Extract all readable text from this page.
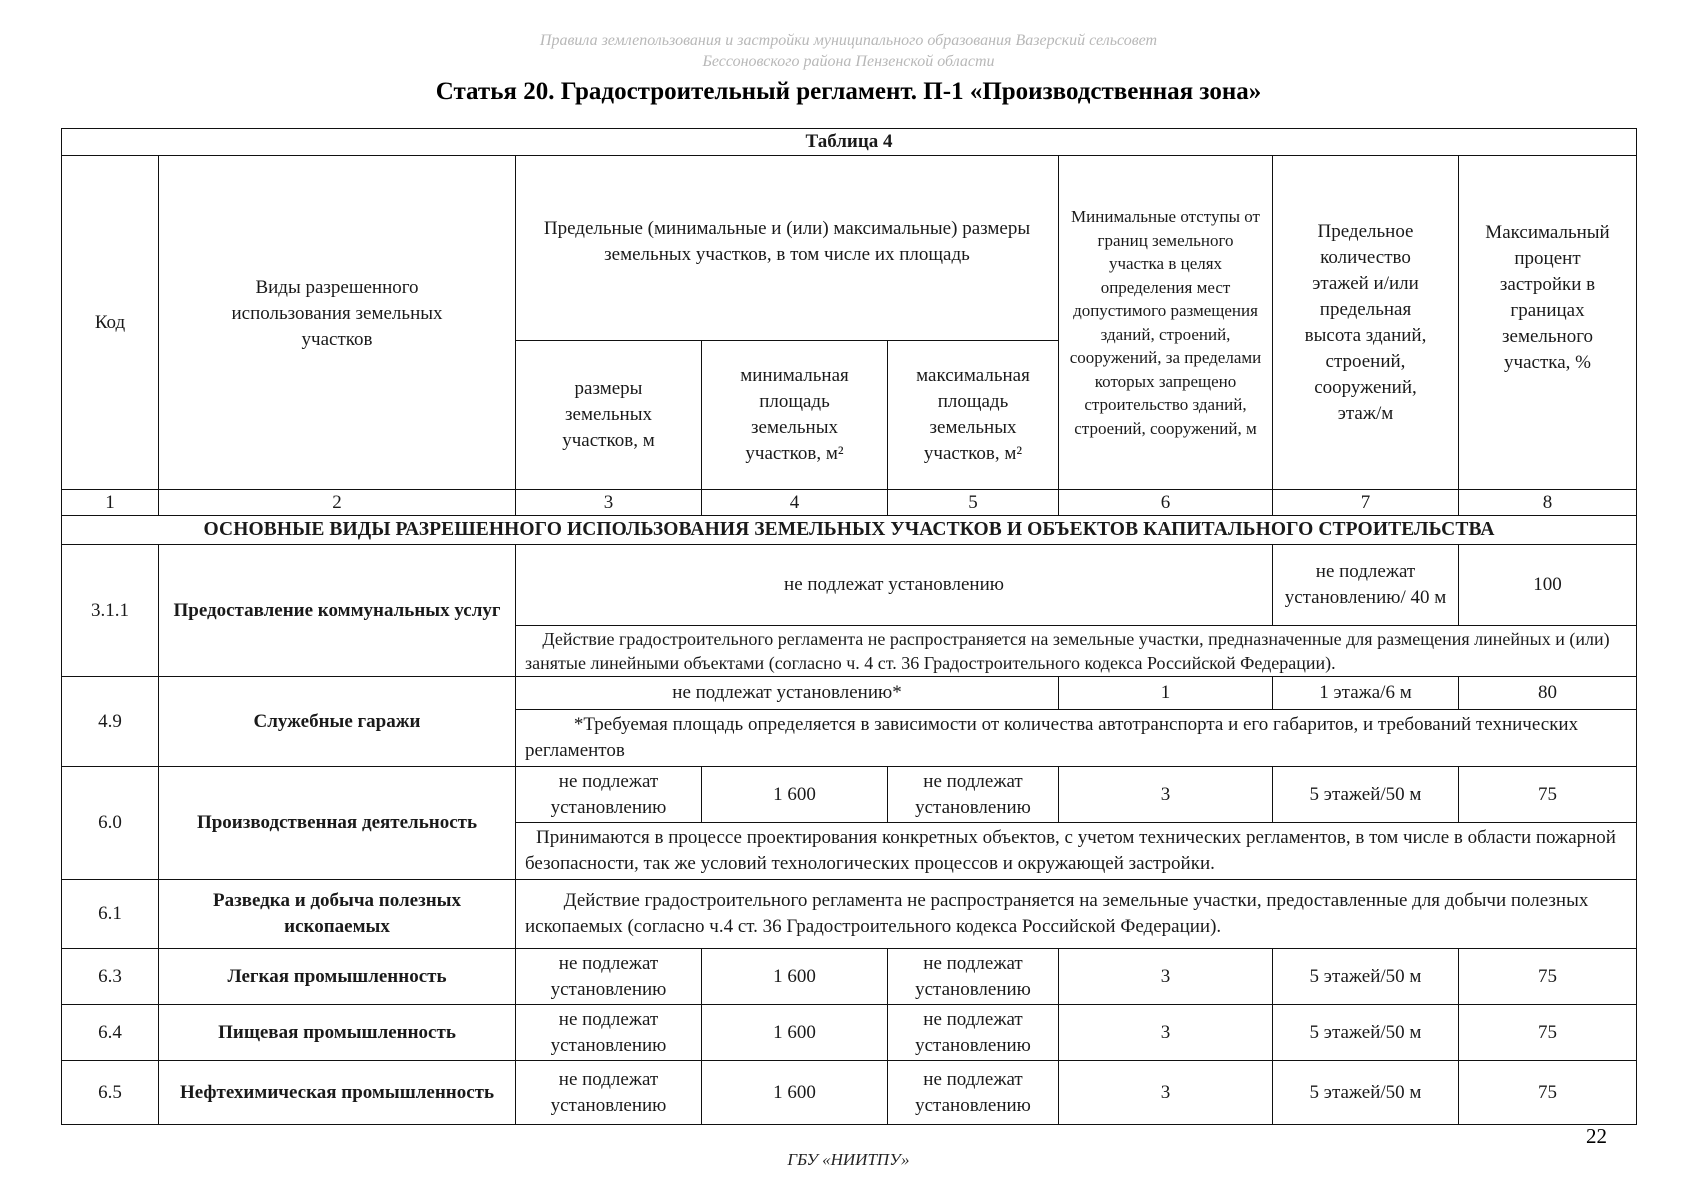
Правила землепользования и застройки муниципального образования Вазерский сельсовет
Бессоновского района Пензенской области
Статья 20. Градостроительный регламент. П-1 «Производственная зона»
Таблица 4							
Код	Виды разрешенного использования земельных участков	Предельные (минимальные и (или) максимальные) размеры земельных участков, в том числе их площадь			Минимальные отступы от границ земельного участка в целях определения мест допустимого размещения зданий, строений, сооружений, за пределами которых запрещено строительство зданий, строений, сооружений, м	Предельное количество этажей и/или предельная высота зданий, строений, сооружений, этаж/м	Максимальный процент застройки в границах земельного участка, %
		размеры земельных участков, м	минимальная площадь земельных участков, м²	максимальная площадь земельных участков, м²			
1	2	3	4	5	6	7	8
ОСНОВНЫЕ ВИДЫ РАЗРЕШЕННОГО ИСПОЛЬЗОВАНИЯ ЗЕМЕЛЬНЫХ УЧАСТКОВ И ОБЪЕКТОВ КАПИТАЛЬНОГО СТРОИТЕЛЬСТВА							
3.1.1	Предоставление коммунальных услуг	не подлежат установлению				не подлежат установлению/ 40 м	100
		Действие градостроительного регламента не распространяется на земельные участки, предназначенные для размещения линейных и (или) занятые линейными объектами (согласно ч. 4 ст. 36 Градостроительного кодекса Российской Федерации).					
4.9	Служебные гаражи	не подлежат установлению*			1	1 этажа/6 м	80
		*Требуемая площадь определяется в зависимости от количества автотранспорта и его габаритов, и требований технических регламентов					
6.0	Производственная деятельность	не подлежат установлению	1 600	не подлежат установлению	3	5 этажей/50 м	75
		Принимаются в процессе проектирования конкретных объектов, с учетом технических регламентов, в том числе в области пожарной безопасности, так же условий технологических процессов и окружающей застройки.					
6.1	Разведка и добыча полезных ископаемых	Действие градостроительного регламента не распространяется на земельные участки, предоставленные для добычи полезных ископаемых (согласно ч.4 ст. 36 Градостроительного кодекса Российской Федерации).					
6.3	Легкая промышленность	не подлежат установлению	1 600	не подлежат установлению	3	5 этажей/50 м	75
6.4	Пищевая промышленность	не подлежат установлению	1 600	не подлежат установлению	3	5 этажей/50 м	75
6.5	Нефтехимическая промышленность	не подлежат установлению	1 600	не подлежат установлению	3	5 этажей/50 м	75
22
ГБУ «НИИТПУ»
